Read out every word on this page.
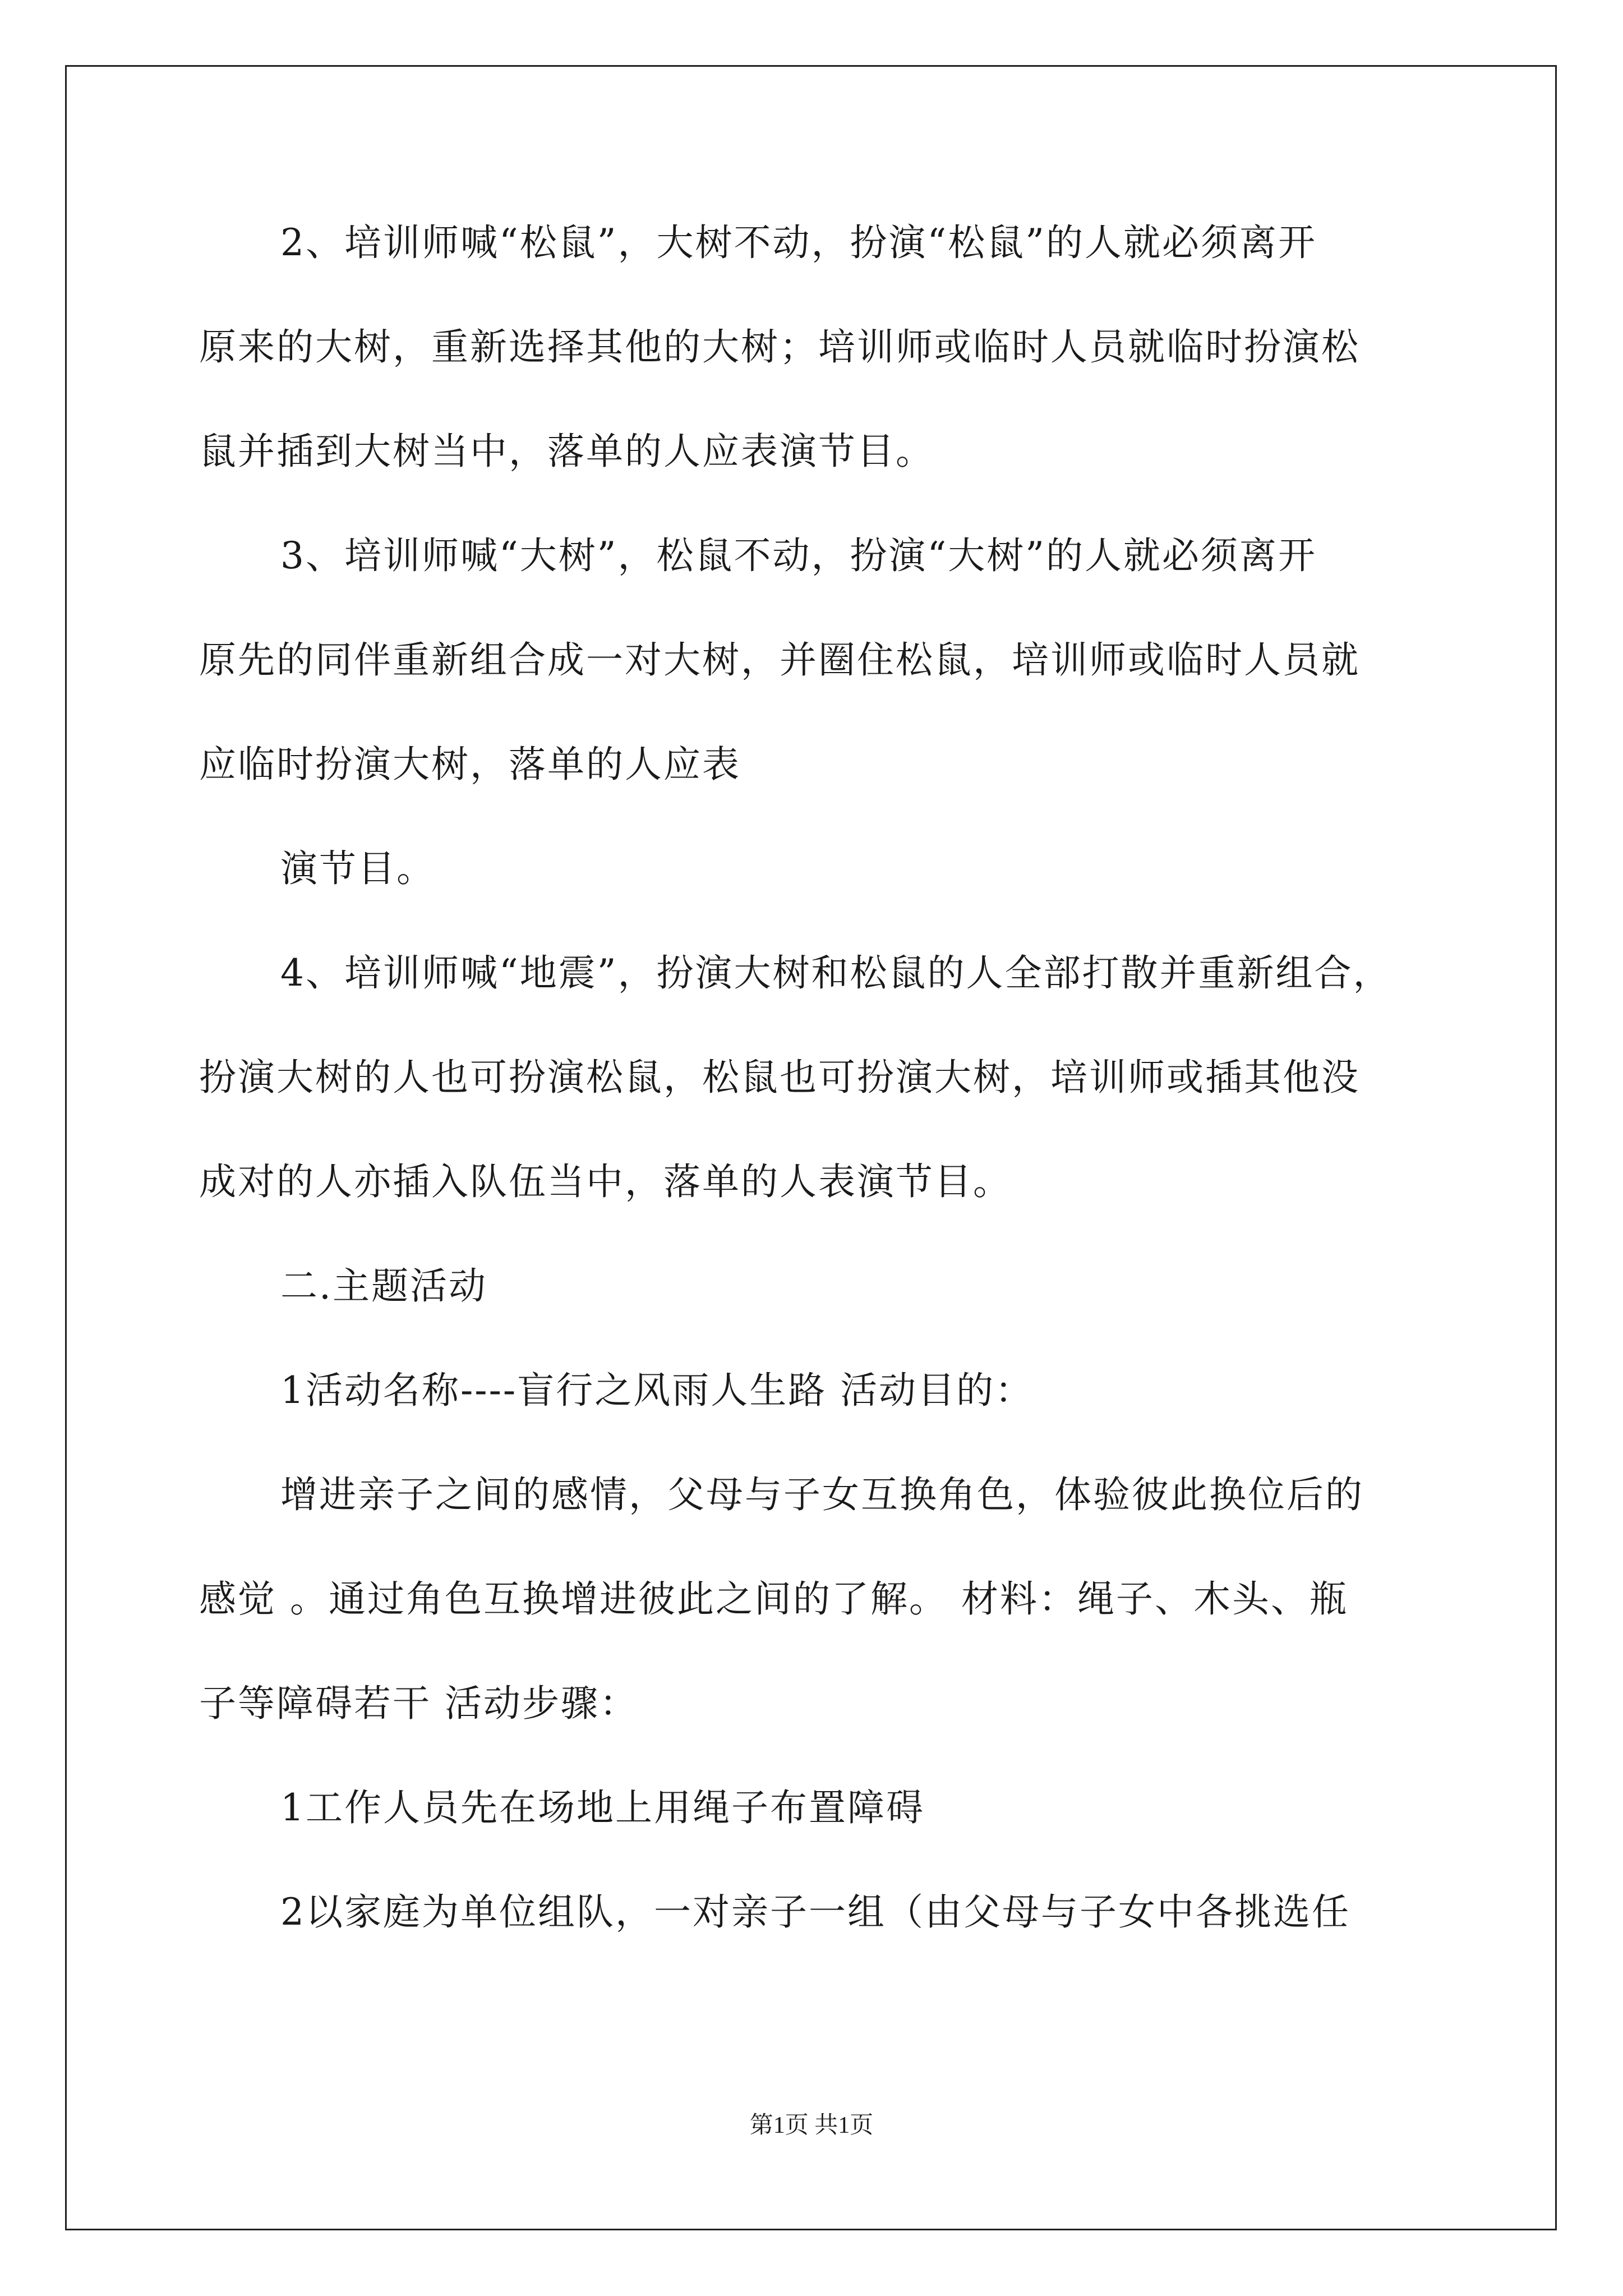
2、培训师喊“松鼠”，大树不动，扮演“松鼠”的人就必须离开
原来的大树，重新选择其他的大树；培训师或临时人员就临时扮演松
鼠并插到大树当中，落单的人应表演节目。
3、培训师喊“大树”，松鼠不动，扮演“大树”的人就必须离开
原先的同伴重新组合成一对大树，并圈住松鼠，培训师或临时人员就
应临时扮演大树，落单的人应表
演节目。
4、培训师喊“地震”，扮演大树和松鼠的人全部打散并重新组合，
扮演大树的人也可扮演松鼠，松鼠也可扮演大树，培训师或插其他没
成对的人亦插入队伍当中，落单的人表演节目。
二.主题活动
1活动名称----盲行之风雨人生路 活动目的：
增进亲子之间的感情，父母与子女互换角色，体验彼此换位后的
感觉 。通过角色互换增进彼此之间的了解。 材料：绳子、木头、瓶
子等障碍若干 活动步骤：
1工作人员先在场地上用绳子布置障碍
2以家庭为单位组队，一对亲子一组（由父母与子女中各挑选任
第1页 共1页
